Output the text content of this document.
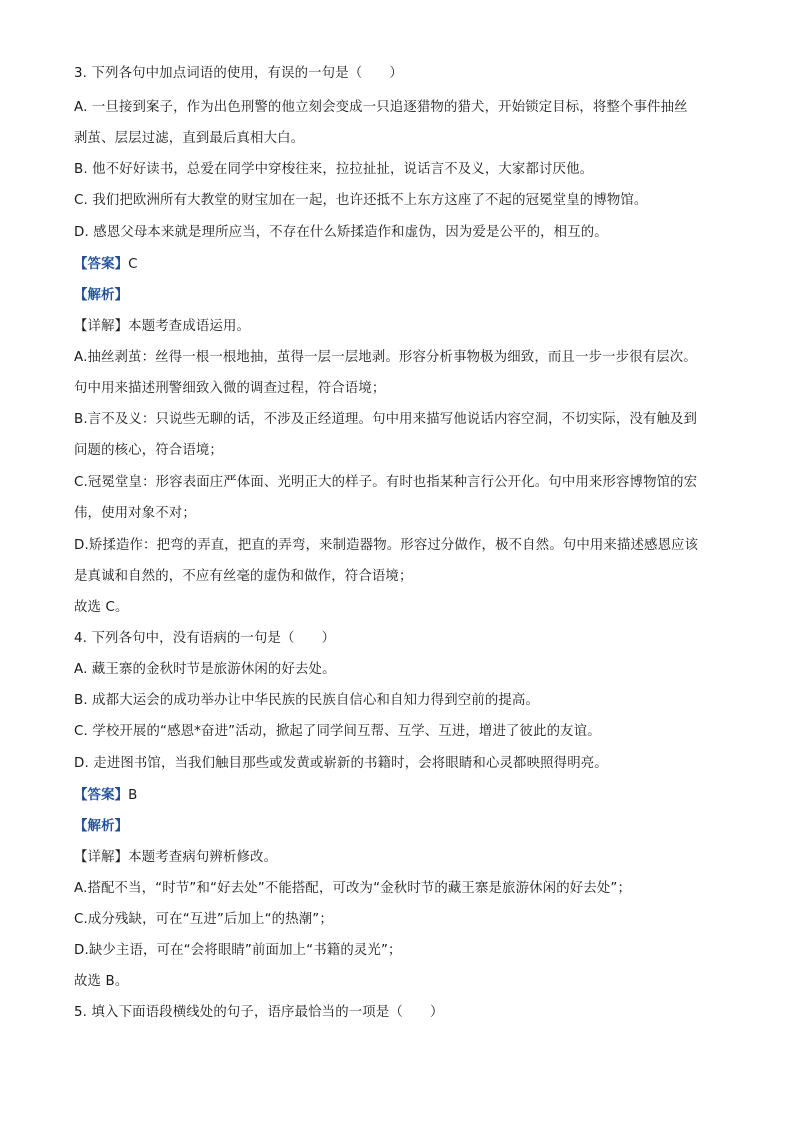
3. 下列各句中加点词语的使用，有误的一句是（　　）
A. 一旦接到案子，作为出色刑警的他立刻会变成一只追逐猎物的猎犬，开始锁定目标，将整个事件抽丝
剥茧、层层过滤，直到最后真相大白。
B. 他不好好读书，总爱在同学中穿梭往来，拉拉扯扯，说话言不及义，大家都讨厌他。
C. 我们把欧洲所有大教堂的财宝加在一起，也许还抵不上东方这座了不起的冠冕堂皇的博物馆。
D. 感恩父母本来就是理所应当，不存在什么矫揉造作和虚伪，因为爱是公平的，相互的。
【答案】C
【解析】
【详解】本题考查成语运用。
A.抽丝剥茧：丝得一根一根地抽，茧得一层一层地剥。形容分析事物极为细致，而且一步一步很有层次。
句中用来描述刑警细致入微的调查过程，符合语境；
B.言不及义：只说些无聊的话，不涉及正经道理。句中用来描写他说话内容空洞，不切实际，没有触及到
问题的核心，符合语境；
C.冠冕堂皇：形容表面庄严体面、光明正大的样子。有时也指某种言行公开化。句中用来形容博物馆的宏
伟，使用对象不对；
D.矫揉造作：把弯的弄直，把直的弄弯，来制造器物。形容过分做作，极不自然。句中用来描述感恩应该
是真诚和自然的，不应有丝毫的虚伪和做作，符合语境；
故选 C。
4. 下列各句中，没有语病的一句是（　　）
A. 藏王寨的金秋时节是旅游休闲的好去处。
B. 成都大运会的成功举办让中华民族的民族自信心和自知力得到空前的提高。
C. 学校开展的“感恩*奋进”活动，掀起了同学间互帮、互学、互进，增进了彼此的友谊。
D. 走进图书馆，当我们触目那些或发黄或崭新的书籍时，会将眼睛和心灵都映照得明亮。
【答案】B
【解析】
【详解】本题考查病句辨析修改。
A.搭配不当，“时节”和“好去处”不能搭配，可改为“金秋时节的藏王寨是旅游休闲的好去处”；
C.成分残缺，可在“互进”后加上“的热潮”；
D.缺少主语，可在“会将眼睛”前面加上“书籍的灵光”；
故选 B。
5. 填入下面语段横线处的句子，语序最恰当的一项是（　　）
